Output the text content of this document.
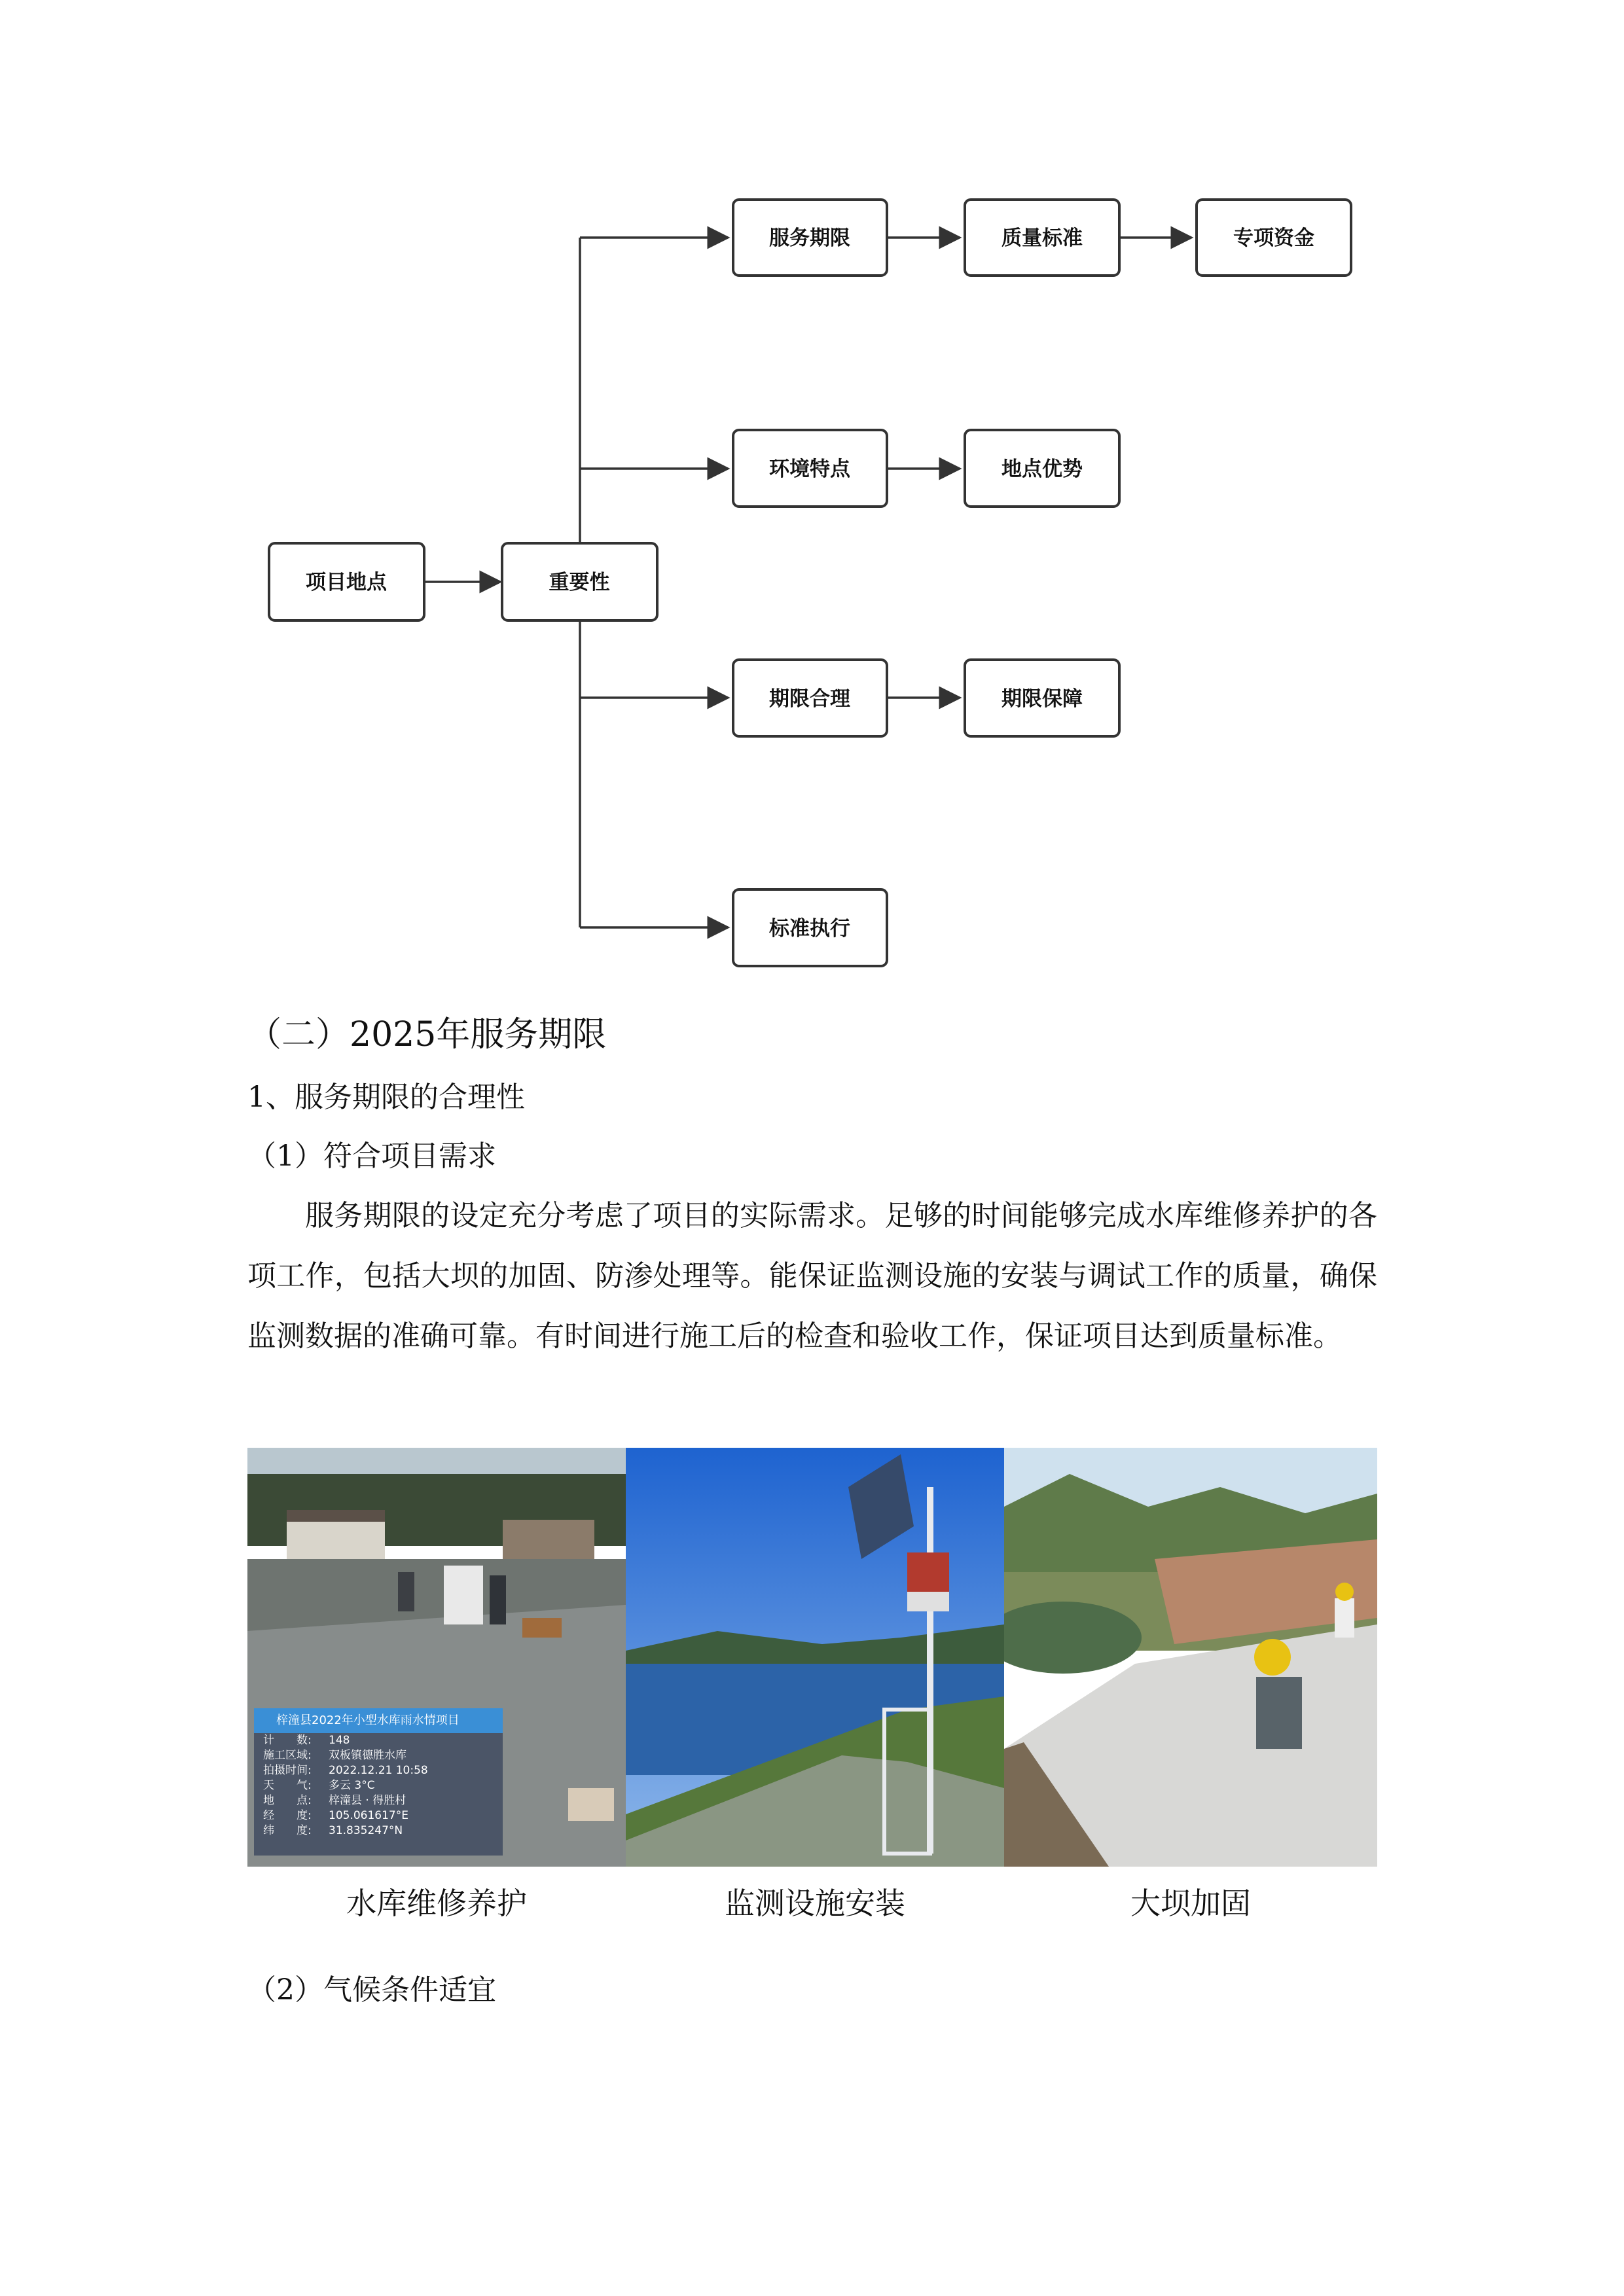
项目地点	重要性
服务期限	质量标准	专项资金
环境特点	地点优势
期限合理	期限保障
标准执行
（二）2025年服务期限
1、服务期限的合理性
（1）符合项目需求
服务期限的设定充分考虑了项目的实际需求。足够的时间能够完成水库维修养护的各项工作，包括大坝的加固、防渗处理等。能保证监测设施的安装与调试工作的质量，确保监测数据的准确可靠。有时间进行施工后的检查和验收工作，保证项目达到质量标准。
梓潼县2022年小型水库雨水情项目
计　　数: 148
施工区域: 双板镇德胜水库
拍摄时间: 2022.12.21 10:58
天　　气: 多云 3°C
地　　点: 梓潼县 · 得胜村
经　　度: 105.061617°E
纬　　度: 31.835247°N
水库维修养护	监测设施安装	大坝加固
（2）气候条件适宜
